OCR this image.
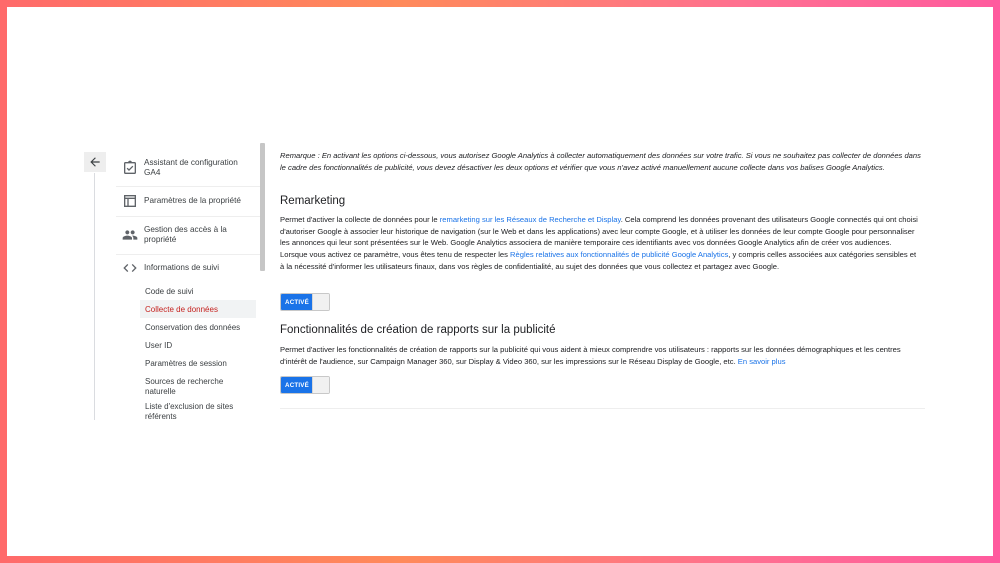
Assistant de configuration GA4
Paramètres de la propriété
Gestion des accès à la propriété
Informations de suivi
Code de suivi
Collecte de données
Conservation des données
User ID
Paramètres de session
Sources de recherche naturelle
Liste d'exclusion de sites référents
Remarque : En activant les options ci-dessous, vous autorisez Google Analytics à collecter automatiquement des données sur votre trafic. Si vous ne souhaitez pas collecter de données dans le cadre des fonctionnalités de publicité, vous devez désactiver les deux options et vérifier que vous n'avez activé manuellement aucune collecte dans vos balises Google Analytics.
Remarketing
Permet d'activer la collecte de données pour le remarketing sur les Réseaux de Recherche et Display. Cela comprend les données provenant des utilisateurs Google connectés qui ont choisi d'autoriser Google à associer leur historique de navigation (sur le Web et dans les applications) avec leur compte Google, et à utiliser les données de leur compte Google pour personnaliser les annonces qui leur sont présentées sur le Web. Google Analytics associera de manière temporaire ces identifiants avec vos données Google Analytics afin de créer vos audiences. Lorsque vous activez ce paramètre, vous êtes tenu de respecter les Règles relatives aux fonctionnalités de publicité Google Analytics, y compris celles associées aux catégories sensibles et à la nécessité d'informer les utilisateurs finaux, dans vos règles de confidentialité, au sujet des données que vous collectez et partagez avec Google.
ACTIVÉ
Fonctionnalités de création de rapports sur la publicité
Permet d'activer les fonctionnalités de création de rapports sur la publicité qui vous aident à mieux comprendre vos utilisateurs : rapports sur les données démographiques et les centres d'intérêt de l'audience, sur Campaign Manager 360, sur Display & Video 360, sur les impressions sur le Réseau Display de Google, etc. En savoir plus
ACTIVÉ
